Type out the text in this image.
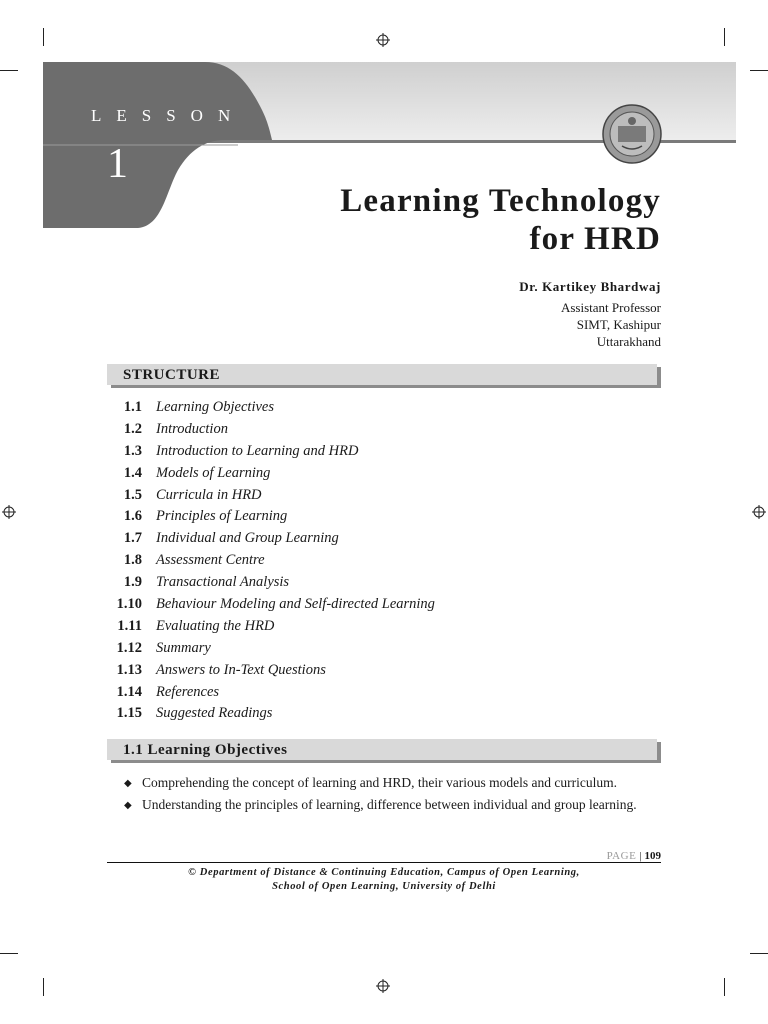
LESSON
1
Learning Technology
for HRD
Dr. Kartikey Bhardwaj
Assistant Professor
SIMT, Kashipur
Uttarakhand
STRUCTURE
1.1 Learning Objectives
1.2 Introduction
1.3 Introduction to Learning and HRD
1.4 Models of Learning
1.5 Curricula in HRD
1.6 Principles of Learning
1.7 Individual and Group Learning
1.8 Assessment Centre
1.9 Transactional Analysis
1.10 Behaviour Modeling and Self-directed Learning
1.11 Evaluating the HRD
1.12 Summary
1.13 Answers to In-Text Questions
1.14 References
1.15 Suggested Readings
1.1 Learning Objectives
◆ Comprehending the concept of learning and HRD, their various models and curriculum.
◆ Understanding the principles of learning, difference between individual and group learning.
PAGE | 109
© Department of Distance & Continuing Education, Campus of Open Learning,
School of Open Learning, University of Delhi
